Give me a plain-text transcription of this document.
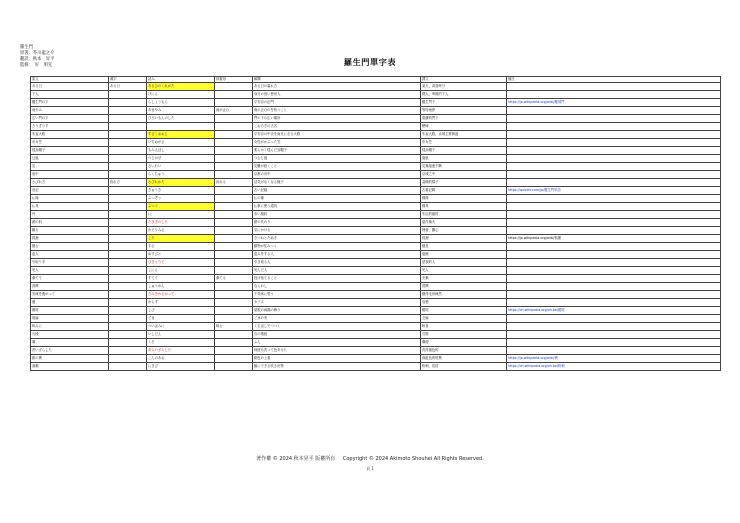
羅生門
原著：芥川龍之介
翻訳：秋本　昇平
監修：　好　明先	羅生門單字表
原文	漢字	読み	辞書形	解釋	譯文	備註
ある日	ある日	あるひのくれがた		ある日の暮れ方	某天，黃昏時分	
下人		げにん		身分の低い使用人	僕人，卑微的下人	
羅生門の下		らしょうもん		平安京の正門	羅生門下	https://ja.wikipedia.org/wiki/羅城門
雨やみ		あまやみ	雨が止む	雨の止むのを待つこと	等待雨停	
広い門の下		ひろいもんのした		門の下の広い場所	寬廣的門下	
きりぎりす				こおろぎの古名	蟋蟀	
朱雀大路		すざくおおじ		平安京の中央を南北に走る大路	朱雀大路，京城主要街道	
市女笠		いちめがさ		女性がかぶった笠	市女笠	
揉烏帽子		もみえぼし		柔らかく揉んだ烏帽子	揉烏帽子	
辻風		つじかぜ		つむじ風	旋風	
災		さいわい		災難が続くこと	災禍接連不斷	
洛中		らくちゅう		京都の市中	京城之中	
さびれ方	寂れ方	さびれかた	寂れる	活気がなくなる様子	蕭條的樣子	
旧記		きゅうき		古い記録	古書記載	https://quizlet.com/jp/羅生門単語
仏像		ぶつぞう		仏の像	佛像	
仏具		ぶつぐ		仏事に使う道具	佛具	
丹		に		赤い顔料	朱紅的顔料	
薪の料		たきぎのしろ		薪の代わり	當作柴火	
顧る		かえりみる		気にかける	理會，關心	
狐狸		こり		きつねとたぬき	狐狸	https://ja.wikipedia.org/wiki/狐狸
棲む		すむ		動物が住みつく	棲息	
盗人		ぬすびと		盗みをする人	盜賊	
引取り手		ひきとりて		引き取る人	認領的人	
死人		しにん		死んだ人	死人	
棄てて		すてて	棄てる	投げ捨てること	丟棄	
習慣		しゅうかん		ならわし	習慣	
気味を悪がって		きみをわるがって		不気味に思う	覺得毛骨悚然	
鴉		からす		カラス	烏鴉	
鴟尾		しび		屋根の両端の飾り	鴟尾	https://zh.wikipedia.org/zh-tw/鴟尾
胡麻		ごま		ごまの実	芝麻	
啄みに		ついばみに	啄む	くちばしでつつく	啄食	
石段		いしだん		石の階段	石階	
糞		くそ		ふん	糞便	
洗いざらした		あらいざらした		何度も洗って色あせた	洗得褪色的	
紺の襖		こんのあお		紺色の上着	深藍色的短襖	https://ja.wikipedia.org/wiki/襖
面皰		にきび		顔にできる吹き出物	粉刺，痘痘	https://zh.wikipedia.org/zh-tw/粉刺
著作權 © 2024 秋本昇平 版權所有 Copyright © 2024 Akimoto Shouhei All Rights Reserved.
頁 1
